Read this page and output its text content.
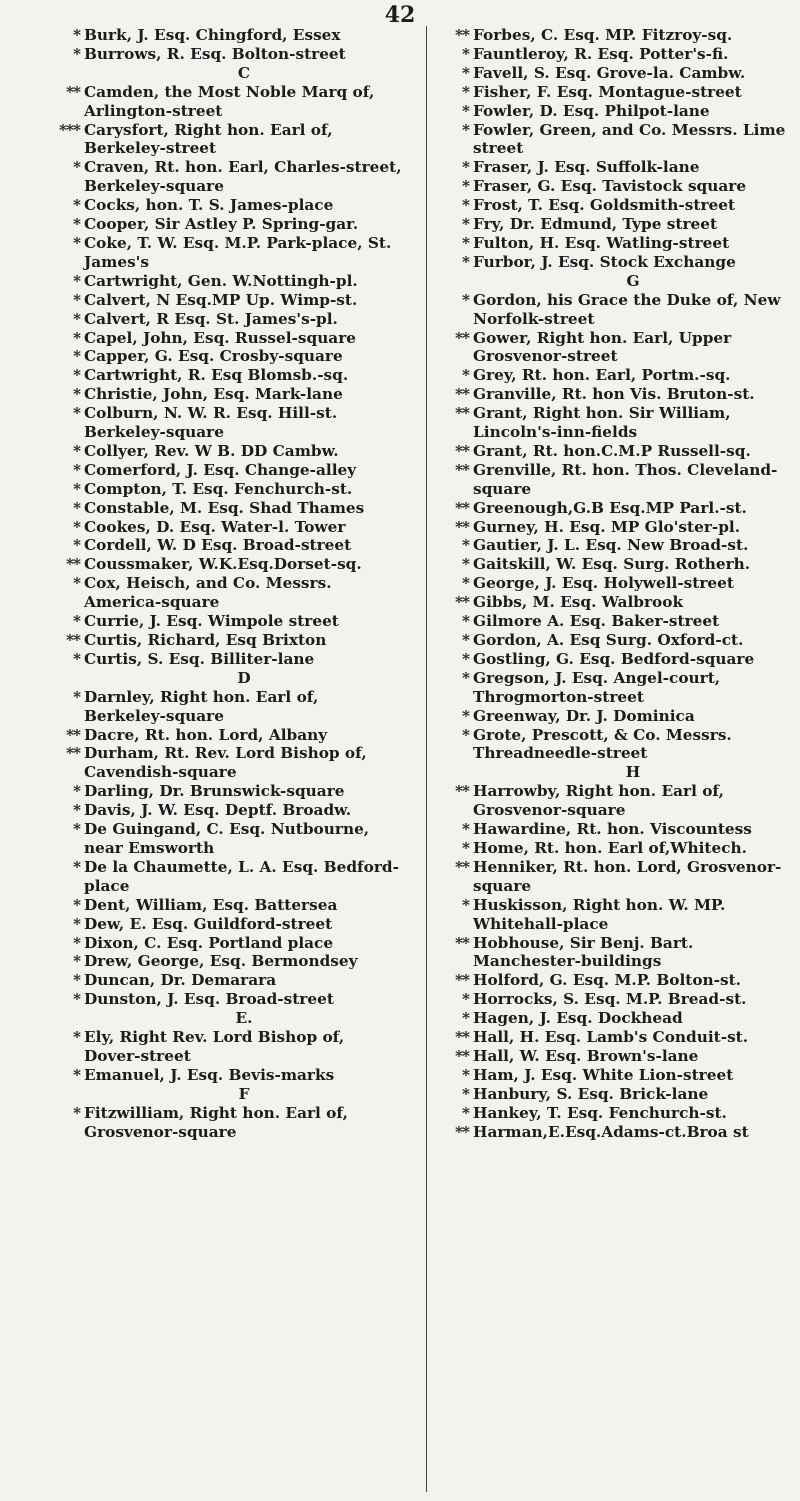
42
* Burk, J. Esq. Chingford, Essex
* Burrows, R. Esq. Bolton-street
C
** Camden, the Most Noble Marq of, Arlington-street
*** Carysfort, Right hon. Earl of, Berkeley-street
* Craven, Rt. hon. Earl, Charles-street, Berkeley-square
* Cocks, hon. T. S. James-place
* Cooper, Sir Astley P. Spring-gar.
* Coke, T. W. Esq. M.P. Park-place, St. James's
* Cartwright, Gen. W.Nottingh-pl.
* Calvert, N Esq.MP Up. Wimp-st.
* Calvert, R Esq. St. James's-pl.
* Capel, John, Esq. Russel-square
* Capper, G. Esq. Crosby-square
* Cartwright, R. Esq Blomsb.-sq.
* Christie, John, Esq. Mark-lane
* Colburn, N. W. R. Esq. Hill-st. Berkeley-square
* Collyer, Rev. W B. DD Cambw.
* Comerford, J. Esq. Change-alley
* Compton, T. Esq. Fenchurch-st.
* Constable, M. Esq. Shad Thames
* Cookes, D. Esq. Water-l. Tower
* Cordell, W. D Esq. Broad-street
** Coussmaker, W.K.Esq.Dorset-sq.
* Cox, Heisch, and Co. Messrs. America-square
* Currie, J. Esq. Wimpole street
** Curtis, Richard, Esq Brixton
* Curtis, S. Esq. Billiter-lane
D
* Darnley, Right hon. Earl of, Berkeley-square
** Dacre, Rt. hon. Lord, Albany
** Durham, Rt. Rev. Lord Bishop of, Cavendish-square
* Darling, Dr. Brunswick-square
* Davis, J. W. Esq. Deptf. Broadw.
* De Guingand, C. Esq. Nutbourne, near Emsworth
* De la Chaumette, L. A. Esq. Bedford-place
* Dent, William, Esq. Battersea
* Dew, E. Esq. Guildford-street
* Dixon, C. Esq. Portland place
* Drew, George, Esq. Bermondsey
* Duncan, Dr. Demarara
* Dunston, J. Esq. Broad-street
E.
* Ely, Right Rev. Lord Bishop of, Dover-street
* Emanuel, J. Esq. Bevis-marks
F
* Fitzwilliam, Right hon. Earl of, Grosvenor-square
** Forbes, C. Esq. MP. Fitzroy-sq.
* Fauntleroy, R. Esq. Potter's-fi.
* Favell, S. Esq. Grove-la. Cambw.
* Fisher, F. Esq. Montague-street
* Fowler, D. Esq. Philpot-lane
* Fowler, Green, and Co. Messrs. Lime street
* Fraser, J. Esq. Suffolk-lane
* Fraser, G. Esq. Tavistock square
* Frost, T. Esq. Goldsmith-street
* Fry, Dr. Edmund, Type street
* Fulton, H. Esq. Watling-street
* Furbor, J. Esq. Stock Exchange
G
* Gordon, his Grace the Duke of, New Norfolk-street
** Gower, Right hon. Earl, Upper Grosvenor-street
* Grey, Rt. hon. Earl, Portm.-sq.
** Granville, Rt. hon Vis. Bruton-st.
** Grant, Right hon. Sir William, Lincoln's-inn-fields
** Grant, Rt. hon.C.M.P Russell-sq.
** Grenville, Rt. hon. Thos. Cleveland-square
** Greenough,G.B Esq.MP Parl.-st.
** Gurney, H. Esq. MP Glo'ster-pl.
* Gautier, J. L. Esq. New Broad-st.
* Gaitskill, W. Esq. Surg. Rotherh.
* George, J. Esq. Holywell-street
** Gibbs, M. Esq. Walbrook
* Gilmore A. Esq. Baker-street
* Gordon, A. Esq Surg. Oxford-ct.
* Gostling, G. Esq. Bedford-square
* Gregson, J. Esq. Angel-court, Throgmorton-street
* Greenway, Dr. J. Dominica
* Grote, Prescott, & Co. Messrs. Threadneedle-street
H
** Harrowby, Right hon. Earl of, Grosvenor-square
* Hawardine, Rt. hon. Viscountess
* Home, Rt. hon. Earl of,Whitech.
** Henniker, Rt. hon. Lord, Grosvenor-square
* Huskisson, Right hon. W. MP. Whitehall-place
** Hobhouse, Sir Benj. Bart. Manchester-buildings
** Holford, G. Esq. M.P. Bolton-st.
* Horrocks, S. Esq. M.P. Bread-st.
* Hagen, J. Esq. Dockhead
** Hall, H. Esq. Lamb's Conduit-st.
** Hall, W. Esq. Brown's-lane
* Ham, J. Esq. White Lion-street
* Hanbury, S. Esq. Brick-lane
* Hankey, T. Esq. Fenchurch-st.
** Harman,E.Esq.Adams-ct.Broa st
